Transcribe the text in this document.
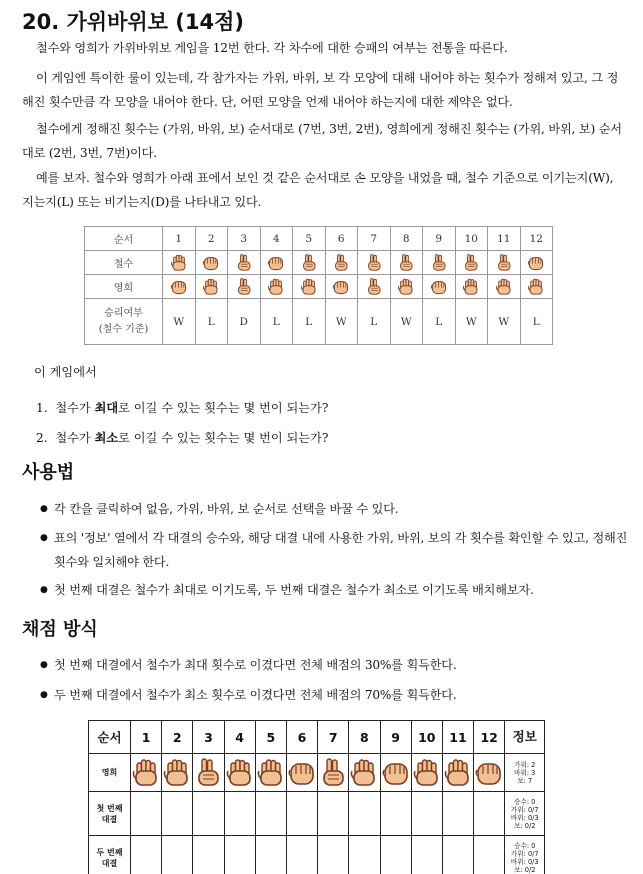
20. 가위바위보 (14점)
철수와 영희가 가위바위보 게임을 12번 한다. 각 차수에 대한 승패의 여부는 전통을 따른다.
이 게임엔 특이한 룰이 있는데, 각 참가자는 가위, 바위, 보 각 모양에 대해 내어야 하는 횟수가 정해져 있고, 그 정해진 횟수만큼 각 모양을 내어야 한다. 단, 어떤 모양을 언제 내어야 하는지에 대한 제약은 없다.
철수에게 정해진 횟수는 (가위, 바위, 보) 순서대로 (7번, 3번, 2번), 영희에게 정해진 횟수는 (가위, 바위, 보) 순서대로 (2번, 3번, 7번)이다.
예를 보자. 철수와 영희가 아래 표에서 보인 것 같은 순서대로 손 모양을 내었을 때, 철수 기준으로 이기는지(W), 지는지(L) 또는 비기는지(D)를 나타내고 있다.
순서	1	2	3	4	5	6	7	8	9	10	11	12
철수	

영희	

승리여부
(철수 기준)	W	L	D	L	L	W	L	W	L	W	W	L
이 게임에서
1. 철수가 최대로 이길 수 있는 횟수는 몇 번이 되는가?
2. 철수가 최소로 이길 수 있는 횟수는 몇 번이 되는가?
사용법
● 각 칸을 클릭하여 없음, 가위, 바위, 보 순서로 선택을 바꿀 수 있다.
● 표의 '정보' 열에서 각 대결의 승수와, 해당 대결 내에 사용한 가위, 바위, 보의 각 횟수를 확인할 수 있고, 정해진 횟수와 일치해야 한다.
● 첫 번째 대결은 철수가 최대로 이기도록, 두 번째 대결은 철수가 최소로 이기도록 배치해보자.
채점 방식
● 첫 번째 대결에서 철수가 최대 횟수로 이겼다면 전체 배점의 30%를 획득한다.
● 두 번째 대결에서 철수가 최소 횟수로 이겼다면 전체 배점의 70%를 획득한다.
순서	1	2	3	4	5	6	7	8	9	10	11	12	정보
영희													가위: 2
바위: 3
보: 7
첫 번째
대결													승수: 0
가위: 0/7
바위: 0/3
보: 0/2
두 번째
대결													승수: 0
가위: 0/7
바위: 0/3
보: 0/2
